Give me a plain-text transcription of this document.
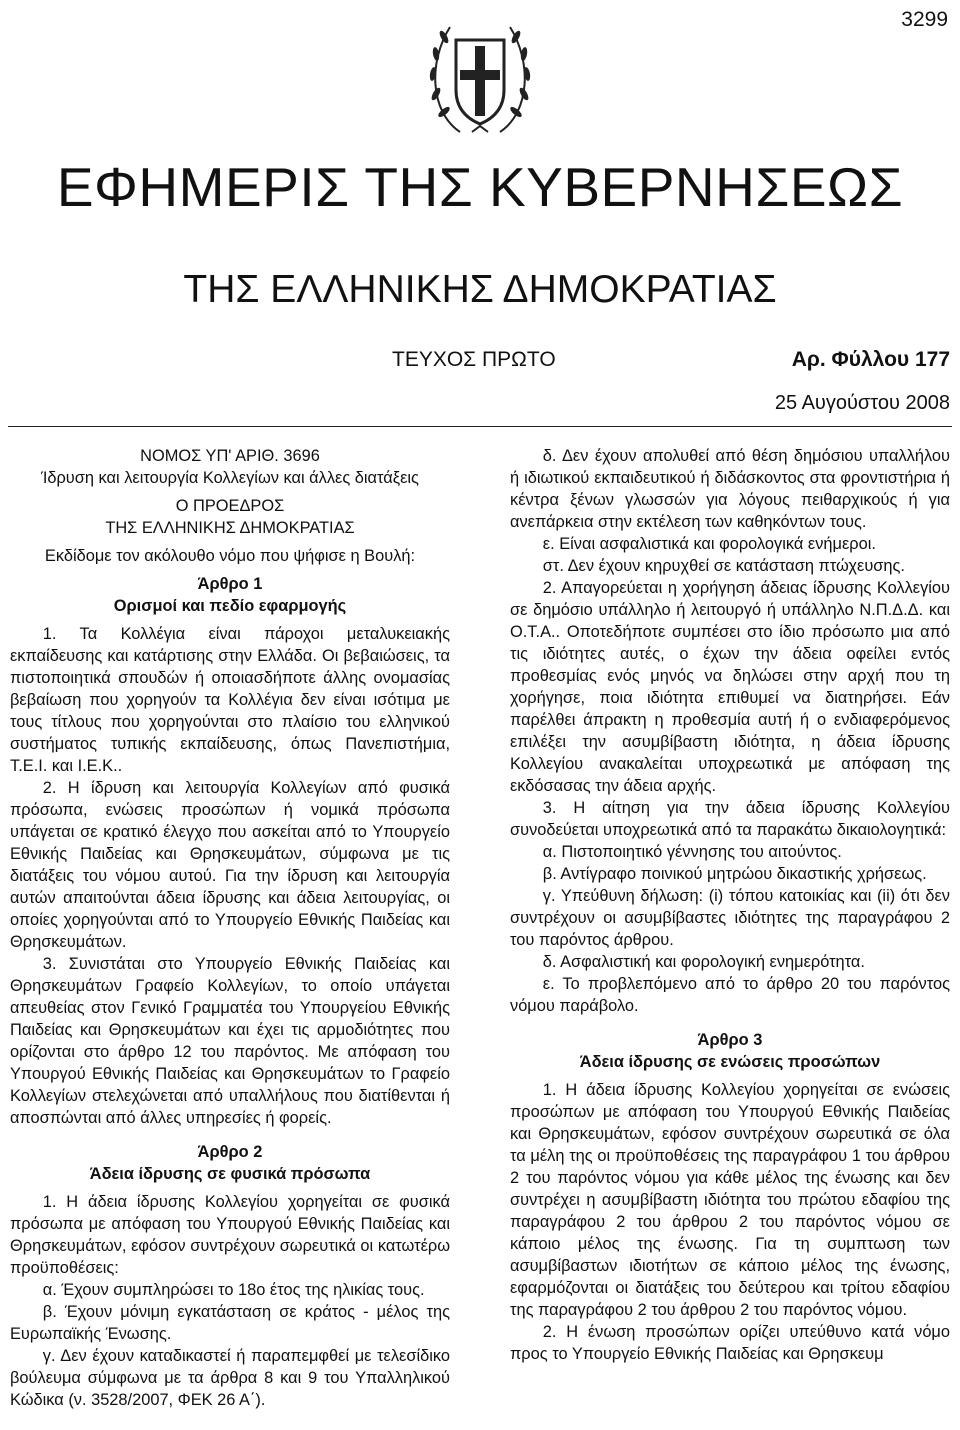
3299
ΕΦΗΜΕΡΙΣ ΤΗΣ ΚΥΒΕΡΝΗΣΕΩΣ
ΤΗΣ ΕΛΛΗΝΙΚΗΣ ΔΗΜΟΚΡΑΤΙΑΣ
ΤΕΥΧΟΣ ΠΡΩΤΟ	Αρ. Φύλλου 177
25 Αυγούστου 2008
ΝΟΜΟΣ ΥΠ' ΑΡΙΘ. 3696
Ίδρυση και λειτουργία Κολλεγίων και άλλες διατάξεις
Ο ΠΡΟΕΔΡΟΣ
ΤΗΣ ΕΛΛΗΝΙΚΗΣ ΔΗΜΟΚΡΑΤΙΑΣ
Εκδίδομε τον ακόλουθο νόμο που ψήφισε η Βουλή:
Άρθρο 1
Ορισμοί και πεδίο εφαρμογής

1. Τα Κολλέγια είναι πάροχοι μεταλυκειακής εκπαίδευσης και κατάρτισης στην Ελλάδα. Οι βεβαιώσεις, τα πιστοποιητικά σπουδών ή οποιασδήποτε άλλης ονομασίας βεβαίωση που χορηγούν τα Κολλέγια δεν είναι ισότιμα με τους τίτλους που χορηγούνται στο πλαίσιο του ελληνικού συστήματος τυπικής εκπαίδευσης, όπως Πανεπιστήμια, Τ.Ε.Ι. και Ι.Ε.Κ..

2. Η ίδρυση και λειτουργία Κολλεγίων από φυσικά πρόσωπα, ενώσεις προσώπων ή νομικά πρόσωπα υπάγεται σε κρατικό έλεγχο που ασκείται από το Υπουργείο Εθνικής Παιδείας και Θρησκευμάτων, σύμφωνα με τις διατάξεις του νόμου αυτού. Για την ίδρυση και λειτουργία αυτών απαιτούνται άδεια ίδρυσης και άδεια λειτουργίας, οι οποίες χορηγούνται από το Υπουργείο Εθνικής Παιδείας και Θρησκευμάτων.

3. Συνιστάται στο Υπουργείο Εθνικής Παιδείας και Θρησκευμάτων Γραφείο Κολλεγίων, το οποίο υπάγεται απευθείας στον Γενικό Γραμματέα του Υπουργείου Εθνικής Παιδείας και Θρησκευμάτων και έχει τις αρμοδιότητες που ορίζονται στο άρθρο 12 του παρόντος. Με απόφαση του Υπουργού Εθνικής Παιδείας και Θρησκευμάτων το Γραφείο Κολλεγίων στελεχώνεται από υπαλλήλους που διατίθενται ή αποσπώνται από άλλες υπηρεσίες ή φορείς.

Άρθρο 2
Άδεια ίδρυσης σε φυσικά πρόσωπα

1. Η άδεια ίδρυσης Κολλεγίου χορηγείται σε φυσικά πρόσωπα με απόφαση του Υπουργού Εθνικής Παιδείας και Θρησκευμάτων, εφόσον συντρέχουν σωρευτικά οι κατωτέρω προϋποθέσεις:

α. Έχουν συμπληρώσει το 18ο έτος της ηλικίας τους.

β. Έχουν μόνιμη εγκατάσταση σε κράτος - μέλος της Ευρωπαϊκής Ένωσης.

γ. Δεν έχουν καταδικαστεί ή παραπεμφθεί με τελεσίδικο βούλευμα σύμφωνα με τα άρθρα 8 και 9 του Υπαλληλικού Κώδικα (ν. 3528/2007, ΦΕΚ 26 Α΄).

δ. Δεν έχουν απολυθεί από θέση δημόσιου υπαλλήλου ή ιδιωτικού εκπαιδευτικού ή διδάσκοντος στα φροντιστήρια ή κέντρα ξένων γλωσσών για λόγους πειθαρχικούς ή για ανεπάρκεια στην εκτέλεση των καθηκόντων τους.

ε. Είναι ασφαλιστικά και φορολογικά ενήμεροι.

στ. Δεν έχουν κηρυχθεί σε κατάσταση πτώχευσης.

2. Απαγορεύεται η χορήγηση άδειας ίδρυσης Κολλεγίου σε δημόσιο υπάλληλο ή λειτουργό ή υπάλληλο Ν.Π.Δ.Δ. και Ο.Τ.Α.. Οποτεδήποτε συμπέσει στο ίδιο πρόσωπο μια από τις ιδιότητες αυτές, ο έχων την άδεια οφείλει εντός προθεσμίας ενός μηνός να δηλώσει στην αρχή που τη χορήγησε, ποια ιδιότητα επιθυμεί να διατηρήσει. Εάν παρέλθει άπρακτη η προθεσμία αυτή ή ο ενδιαφερόμενος επιλέξει την ασυμβίβαστη ιδιότητα, η άδεια ίδρυσης Κολλεγίου ανακαλείται υποχρεωτικά με απόφαση της εκδόσασας την άδεια αρχής.

3. Η αίτηση για την άδεια ίδρυσης Κολλεγίου συνοδεύεται υποχρεωτικά από τα παρακάτω δικαιολογητικά:

α. Πιστοποιητικό γέννησης του αιτούντος.

β. Αντίγραφο ποινικού μητρώου δικαστικής χρήσεως.

γ. Υπεύθυνη δήλωση: (i) τόπου κατοικίας και (ii) ότι δεν συντρέχουν οι ασυμβίβαστες ιδιότητες της παραγράφου 2 του παρόντος άρθρου.

δ. Ασφαλιστική και φορολογική ενημερότητα.

ε. Το προβλεπόμενο από το άρθρο 20 του παρόντος νόμου παράβολο.

Άρθρο 3
Άδεια ίδρυσης σε ενώσεις προσώπων

1. Η άδεια ίδρυσης Κολλεγίου χορηγείται σε ενώσεις προσώπων με απόφαση του Υπουργού Εθνικής Παιδείας και Θρησκευμάτων, εφόσον συντρέχουν σωρευτικά σε όλα τα μέλη της οι προϋποθέσεις της παραγράφου 1 του άρθρου 2 του παρόντος νόμου για κάθε μέλος της ένωσης και δεν συντρέχει η ασυμβίβαστη ιδιότητα του πρώτου εδαφίου της παραγράφου 2 του άρθρου 2 του παρόντος νόμου σε κάποιο μέλος της ένωσης. Για τη συμπτωση των ασυμβίβαστων ιδιοτήτων σε κάποιο μέλος της ένωσης, εφαρμόζονται οι διατάξεις του δεύτερου και τρίτου εδαφίου της παραγράφου 2 του άρθρου 2 του παρόντος νόμου.

2. Η ένωση προσώπων ορίζει υπεύθυνο κατά νόμο προς το Υπουργείο Εθνικής Παιδείας και Θρησκευμ
